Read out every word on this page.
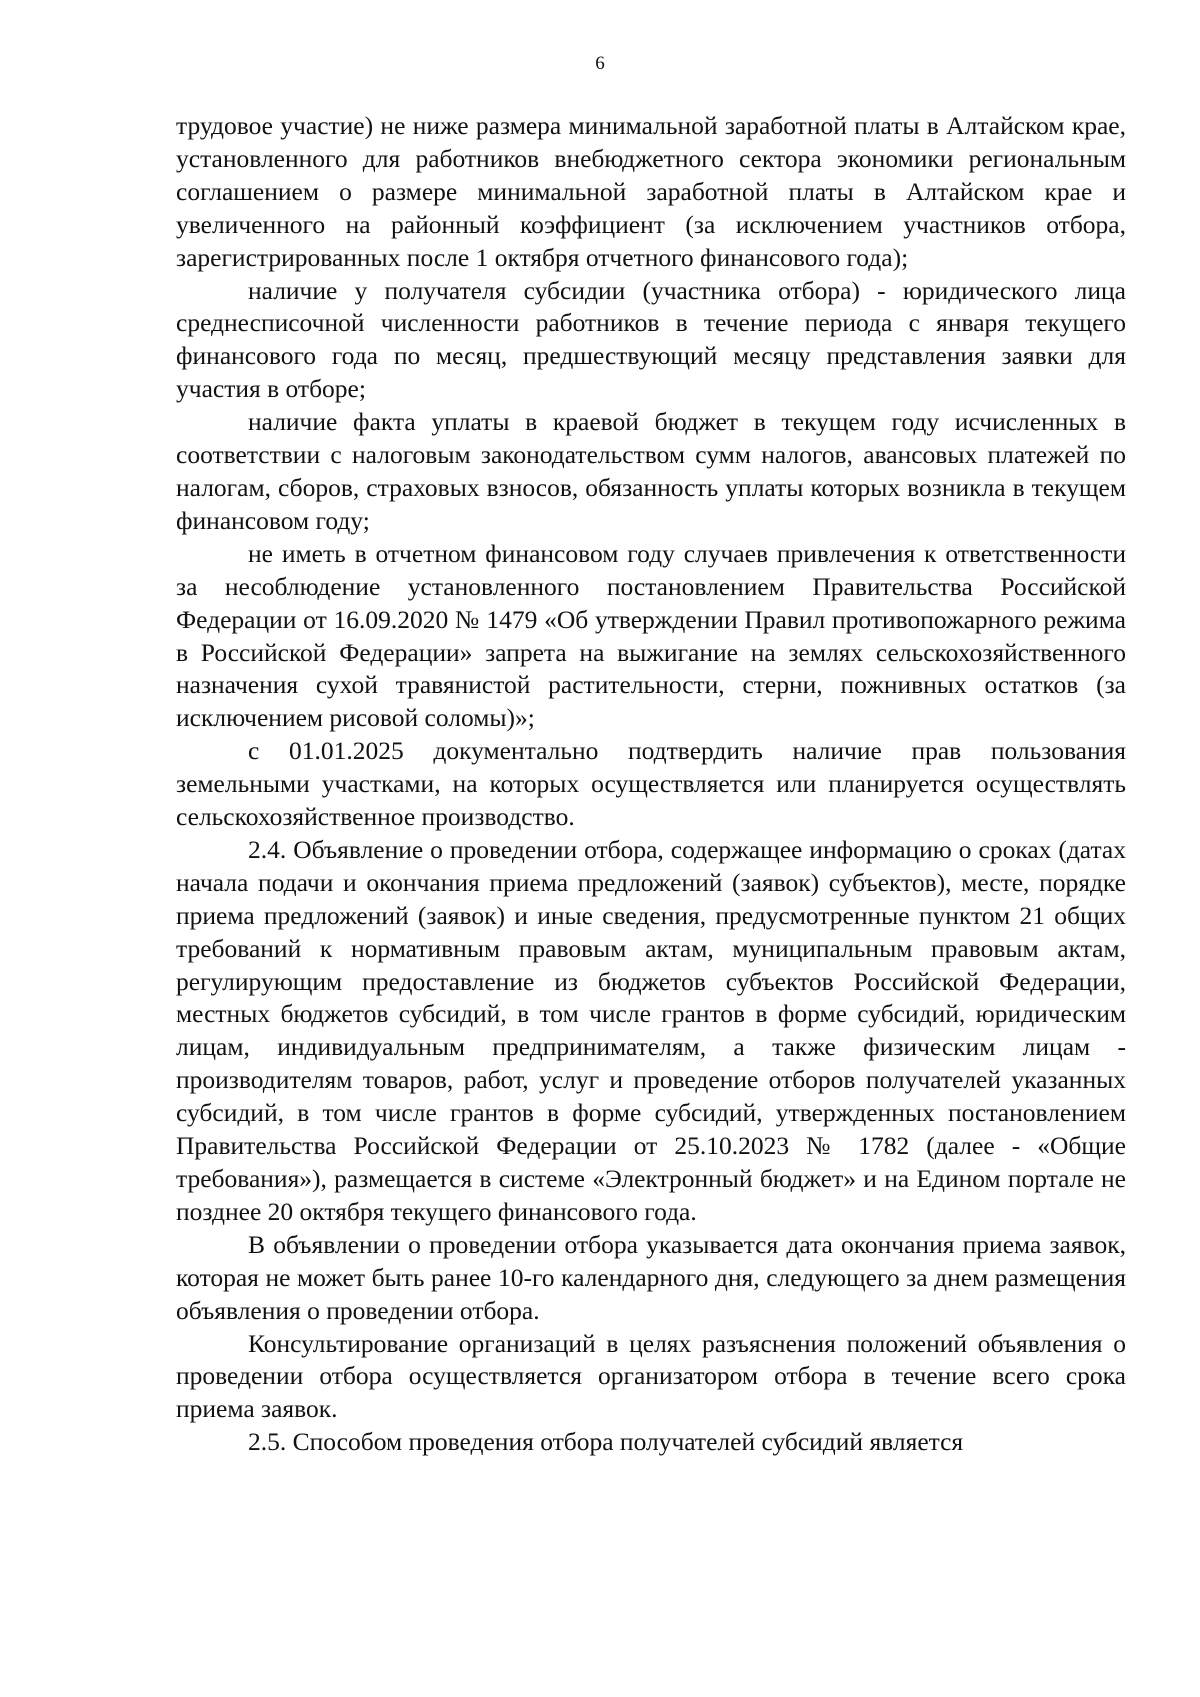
6

трудовое участие) не ниже размера минимальной заработной платы в Алтайском крае, установленного для работников внебюджетного сектора экономики региональным соглашением о размере минимальной заработной платы в Алтайском крае и увеличенного на районный коэффициент (за исключением участников отбора, зарегистрированных после 1 октября отчетного финансового года);

наличие у получателя субсидии (участника отбора) - юридического лица среднесписочной численности работников в течение периода с января текущего финансового года по месяц, предшествующий месяцу представления заявки для участия в отборе;

наличие факта уплаты в краевой бюджет в текущем году исчисленных в соответствии с налоговым законодательством сумм налогов, авансовых платежей по налогам, сборов, страховых взносов, обязанность уплаты которых возникла в текущем финансовом году;

не иметь в отчетном финансовом году случаев привлечения к ответственности за несоблюдение установленного постановлением Правительства Российской Федерации от 16.09.2020 № 1479 «Об утверждении Правил противопожарного режима в Российской Федерации» запрета на выжигание на землях сельскохозяйственного назначения сухой травянистой растительности, стерни, пожнивных остатков (за исключением рисовой соломы)»;

с 01.01.2025 документально подтвердить наличие прав пользования земельными участками, на которых осуществляется или планируется осуществлять сельскохозяйственное производство.

2.4. Объявление о проведении отбора, содержащее информацию о сроках (датах начала подачи и окончания приема предложений (заявок) субъектов), месте, порядке приема предложений (заявок) и иные сведения, предусмотренные пунктом 21 общих требований к нормативным правовым актам, муниципальным правовым актам, регулирующим предоставление из бюджетов субъектов Российской Федерации, местных бюджетов субсидий, в том числе грантов в форме субсидий, юридическим лицам, индивидуальным предпринимателям, а также физическим лицам - производителям товаров, работ, услуг и проведение отборов получателей указанных субсидий, в том числе грантов в форме субсидий, утвержденных постановлением Правительства Российской Федерации от 25.10.2023 № 1782 (далее - «Общие требования»), размещается в системе «Электронный бюджет» и на Едином портале не позднее 20 октября текущего финансового года.

В объявлении о проведении отбора указывается дата окончания приема заявок, которая не может быть ранее 10-го календарного дня, следующего за днем размещения объявления о проведении отбора.

Консультирование организаций в целях разъяснения положений объявления о проведении отбора осуществляется организатором отбора в течение всего срока приема заявок.

2.5. Способом проведения отбора получателей субсидий является
